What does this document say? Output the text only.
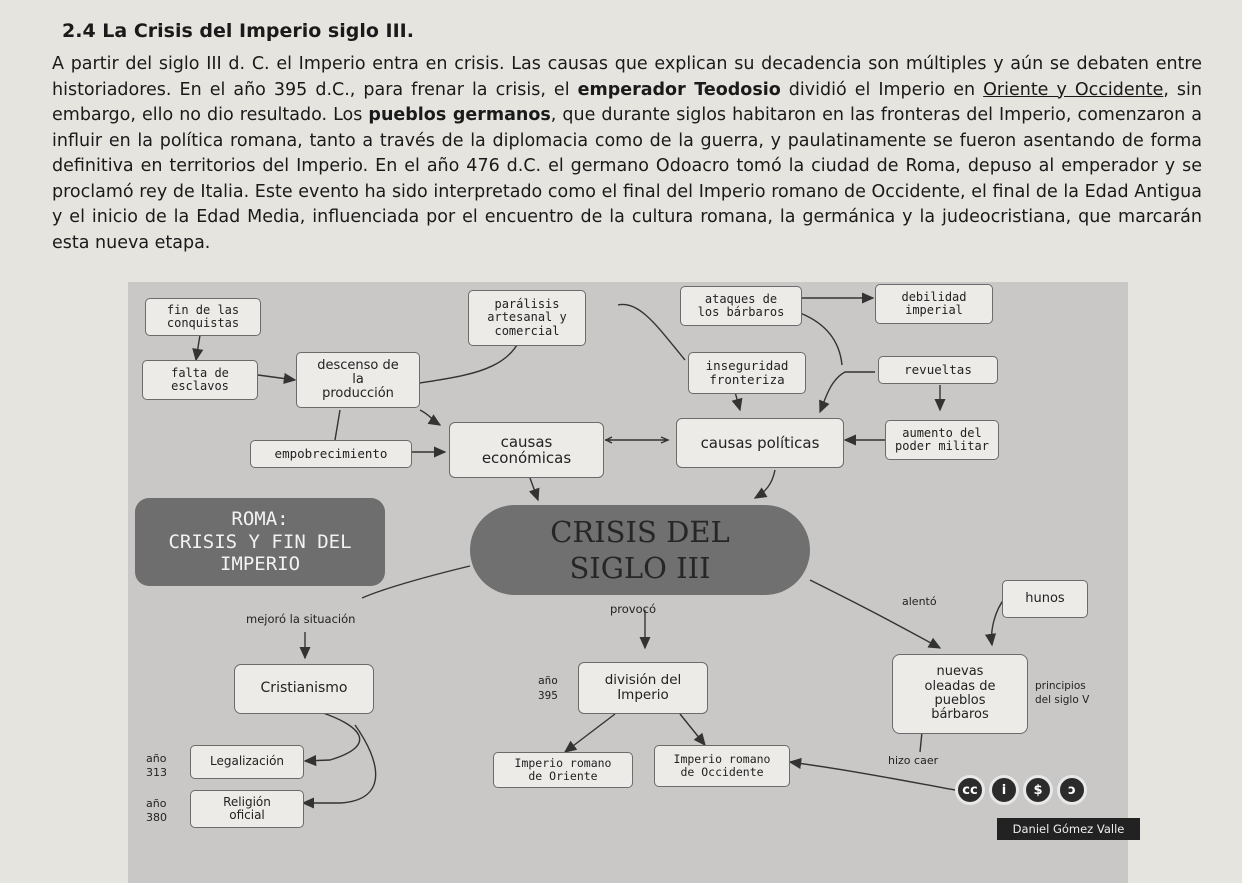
2.4 La Crisis del Imperio siglo III.
A partir del siglo III d. C. el Imperio entra en crisis. Las causas que explican su decadencia son múltiples y aún se debaten entre historiadores. En el año 395 d.C., para frenar la crisis, el emperador Teodosio dividió el Imperio en Oriente y Occidente, sin embargo, ello no dio resultado. Los pueblos germanos, que durante siglos habitaron en las fronteras del Imperio, comenzaron a influir en la política romana, tanto a través de la diplomacia como de la guerra, y paulatinamente se fueron asentando de forma definitiva en territorios del Imperio. En el año 476 d.C. el germano Odoacro tomó la ciudad de Roma, depuso al emperador y se proclamó rey de Italia. Este evento ha sido interpretado como el final del Imperio romano de Occidente, el final de la Edad Antigua y el inicio de la Edad Media, influenciada por el encuentro de la cultura romana, la germánica y la judeocristiana, que marcarán esta nueva etapa.
fin de las conquistas
falta de esclavos
descenso de
la
producción
parálisis
artesanal y
comercial
empobrecimiento
causas
económicas
ataques de
los bárbaros
debilidad
imperial
inseguridad
fronteriza
revueltas
causas políticas
aumento del
poder militar
ROMA:
CRISIS Y FIN DEL
IMPERIO
CRISIS DEL
SIGLO III
mejoró la situación
provocó
alentó	hunos
Cristianismo	año
395
división del
Imperio
nuevas
oleadas de
pueblos
bárbaros
principios
del siglo V
año
313
Legalización
año
380
Religión
oficial
Imperio romano
de Oriente
Imperio romano
de Occidente
hizo caer
cc	i	$	ↄ
Daniel Gómez Valle
